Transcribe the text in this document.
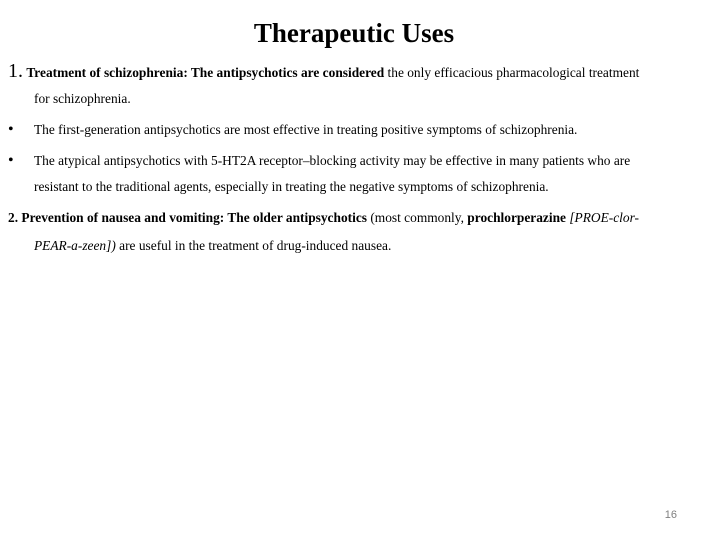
Therapeutic Uses
1. Treatment of schizophrenia: The antipsychotics are considered the only efficacious pharmacological treatment
for schizophrenia.
• The first-generation antipsychotics are most effective in treating positive symptoms of schizophrenia.
• The atypical antipsychotics with 5-HT2A receptor–blocking activity may be effective in many patients who are
resistant to the traditional agents, especially in treating the negative symptoms of schizophrenia.
2. Prevention of nausea and vomiting: The older antipsychotics (most commonly, prochlorperazine [PROE-clor-
PEAR-a-zeen]) are useful in the treatment of drug-induced nausea.
16
